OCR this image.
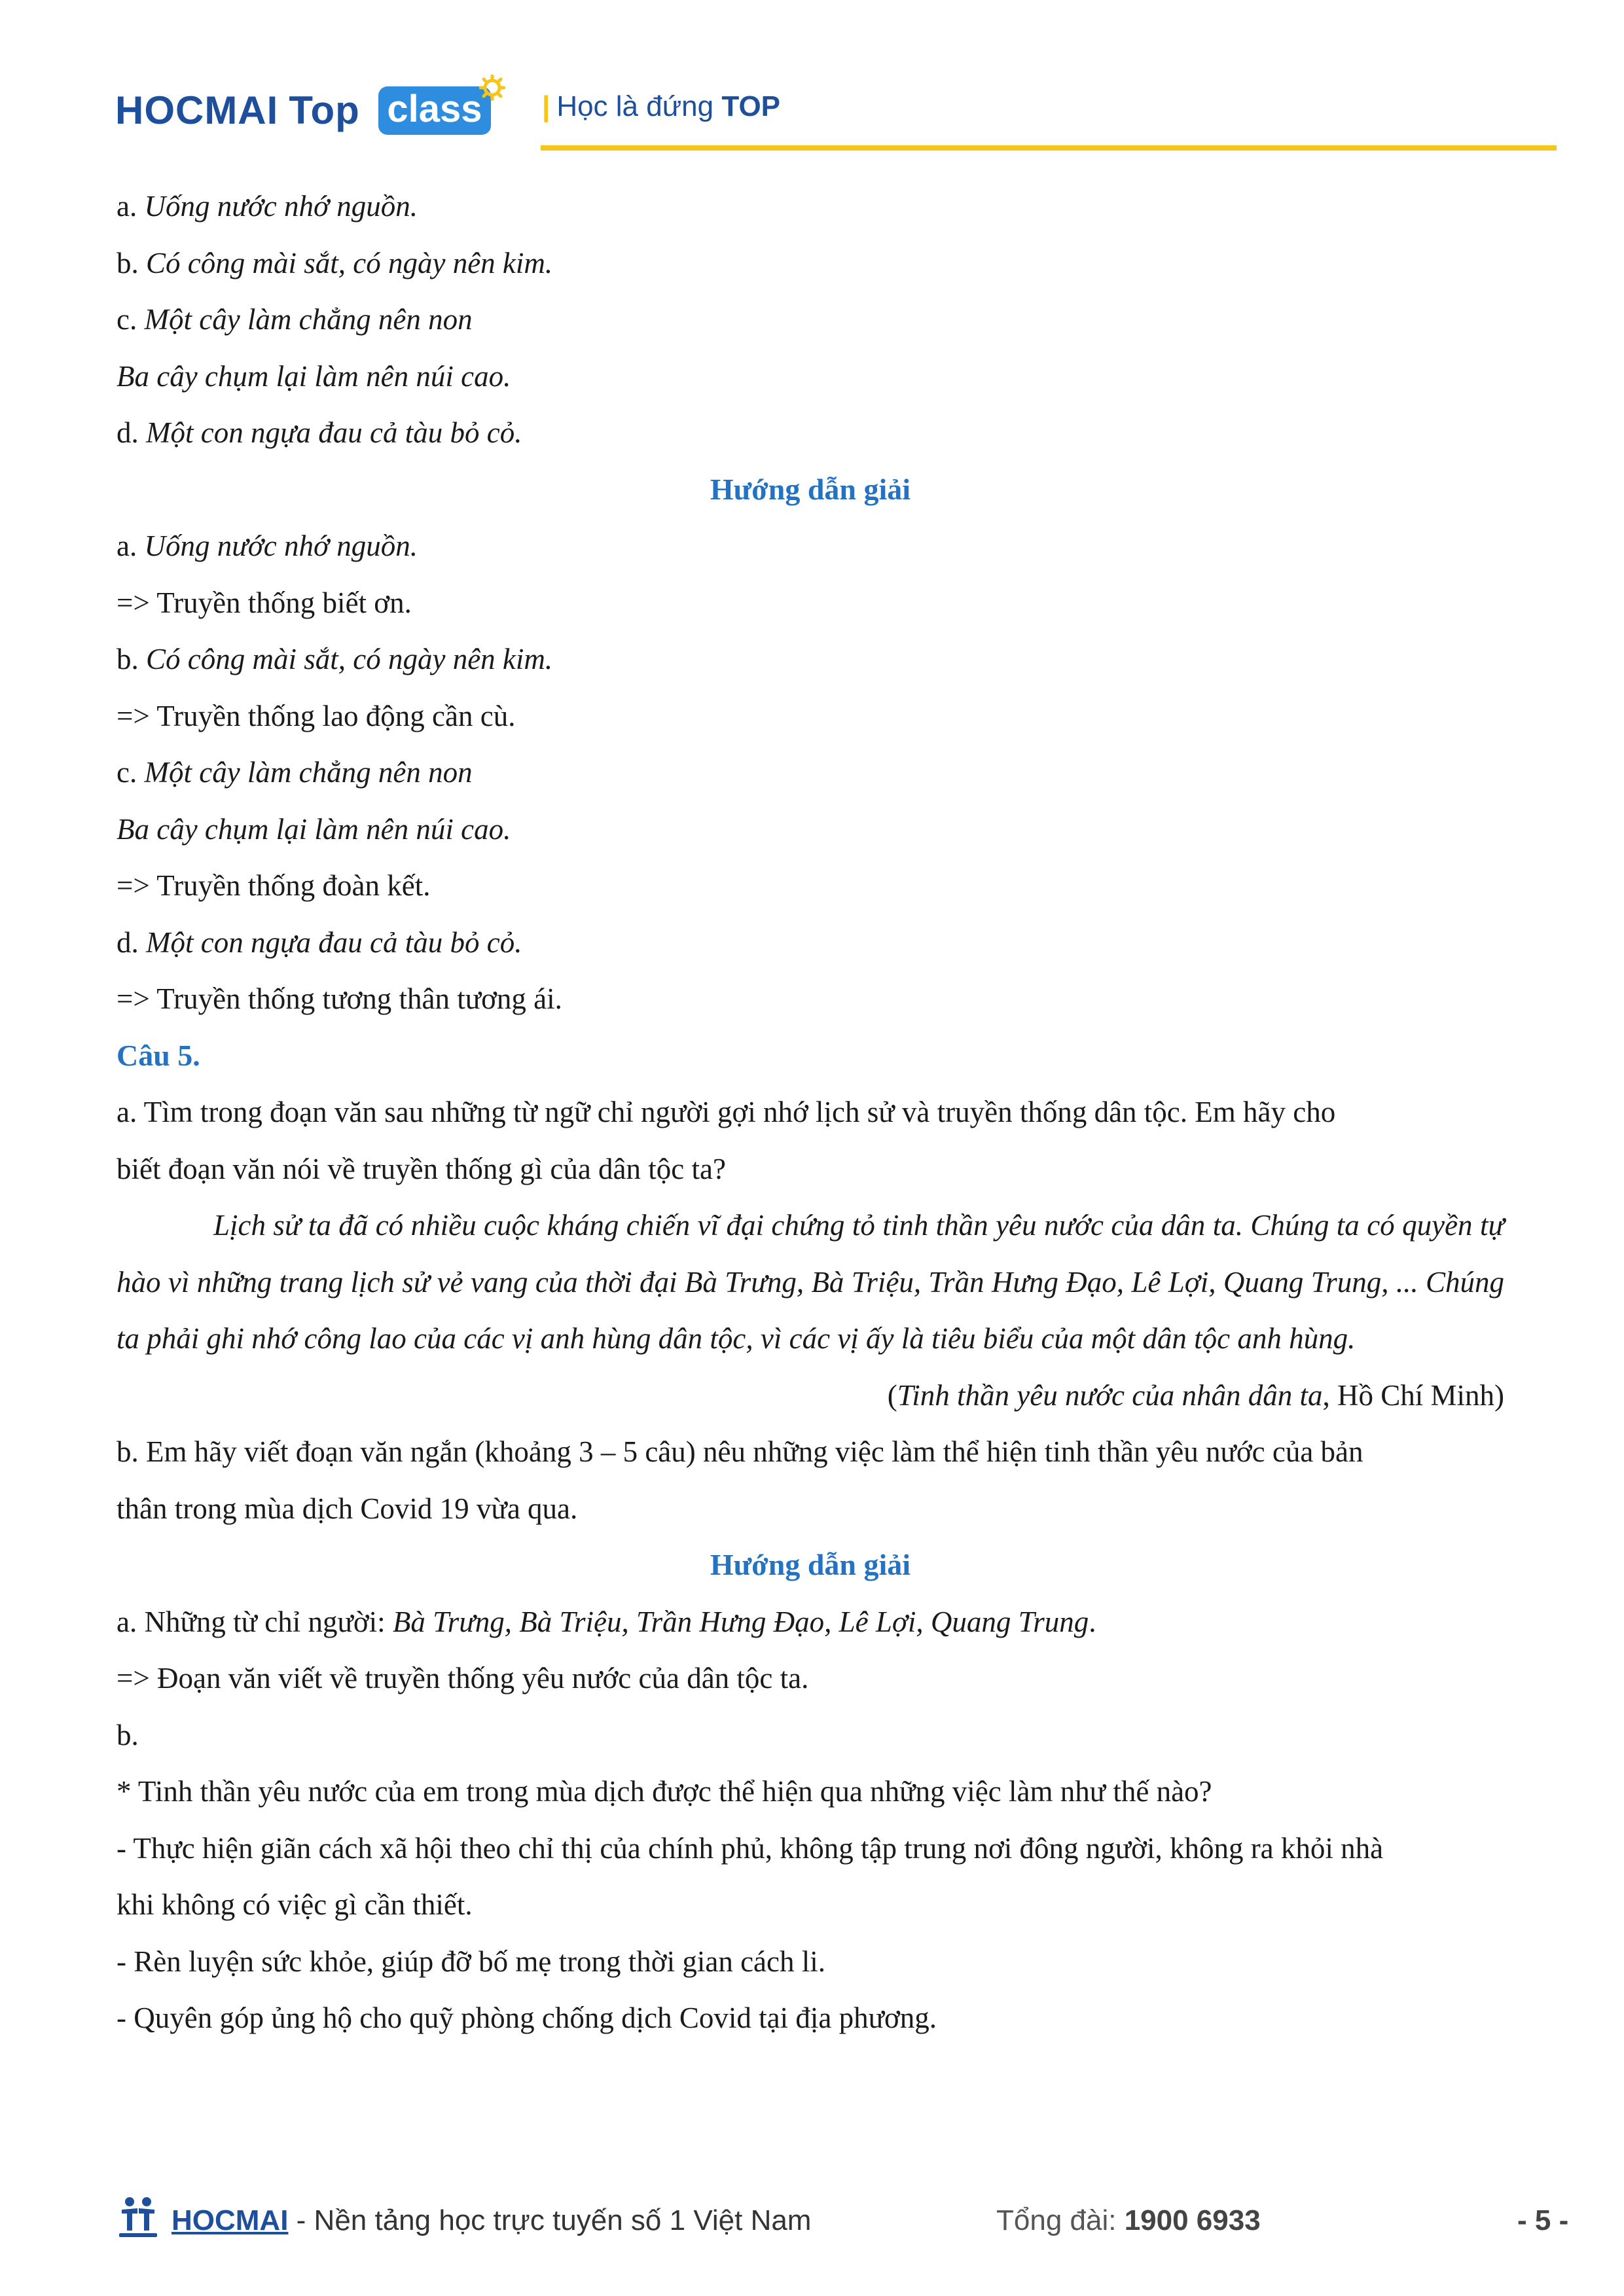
HOCMAI Top class	| Học là đứng TOP
a. Uống nước nhớ nguồn.
b. Có công mài sắt, có ngày nên kim.
c. Một cây làm chẳng nên non
Ba cây chụm lại làm nên núi cao.
d. Một con ngựa đau cả tàu bỏ cỏ.
Hướng dẫn giải
a. Uống nước nhớ nguồn.
=> Truyền thống biết ơn.
b. Có công mài sắt, có ngày nên kim.
=> Truyền thống lao động cần cù.
c. Một cây làm chẳng nên non
Ba cây chụm lại làm nên núi cao.
=> Truyền thống đoàn kết.
d. Một con ngựa đau cả tàu bỏ cỏ.
=> Truyền thống tương thân tương ái.
Câu 5.
a. Tìm trong đoạn văn sau những từ ngữ chỉ người gợi nhớ lịch sử và truyền thống dân tộc. Em hãy cho
biết đoạn văn nói về truyền thống gì của dân tộc ta?
Lịch sử ta đã có nhiều cuộc kháng chiến vĩ đại chứng tỏ tinh thần yêu nước của dân ta. Chúng ta có quyền tự hào vì những trang lịch sử vẻ vang của thời đại Bà Trưng, Bà Triệu, Trần Hưng Đạo, Lê Lợi, Quang Trung, ... Chúng ta phải ghi nhớ công lao của các vị anh hùng dân tộc, vì các vị ấy là tiêu biểu của một dân tộc anh hùng.
(Tinh thần yêu nước của nhân dân ta, Hồ Chí Minh)
b. Em hãy viết đoạn văn ngắn (khoảng 3 – 5 câu) nêu những việc làm thể hiện tinh thần yêu nước của bản
thân trong mùa dịch Covid 19 vừa qua.
Hướng dẫn giải
a. Những từ chỉ người: Bà Trưng, Bà Triệu, Trần Hưng Đạo, Lê Lợi, Quang Trung.
=> Đoạn văn viết về truyền thống yêu nước của dân tộc ta.
b.
* Tinh thần yêu nước của em trong mùa dịch được thể hiện qua những việc làm như thế nào?
- Thực hiện giãn cách xã hội theo chỉ thị của chính phủ, không tập trung nơi đông người, không ra khỏi nhà
khi không có việc gì cần thiết.
- Rèn luyện sức khỏe, giúp đỡ bố mẹ trong thời gian cách li.
- Quyên góp ủng hộ cho quỹ phòng chống dịch Covid tại địa phương.
HOCMAI - Nền tảng học trực tuyến số 1 Việt Nam	Tổng đài: 1900 6933	- 5 -
